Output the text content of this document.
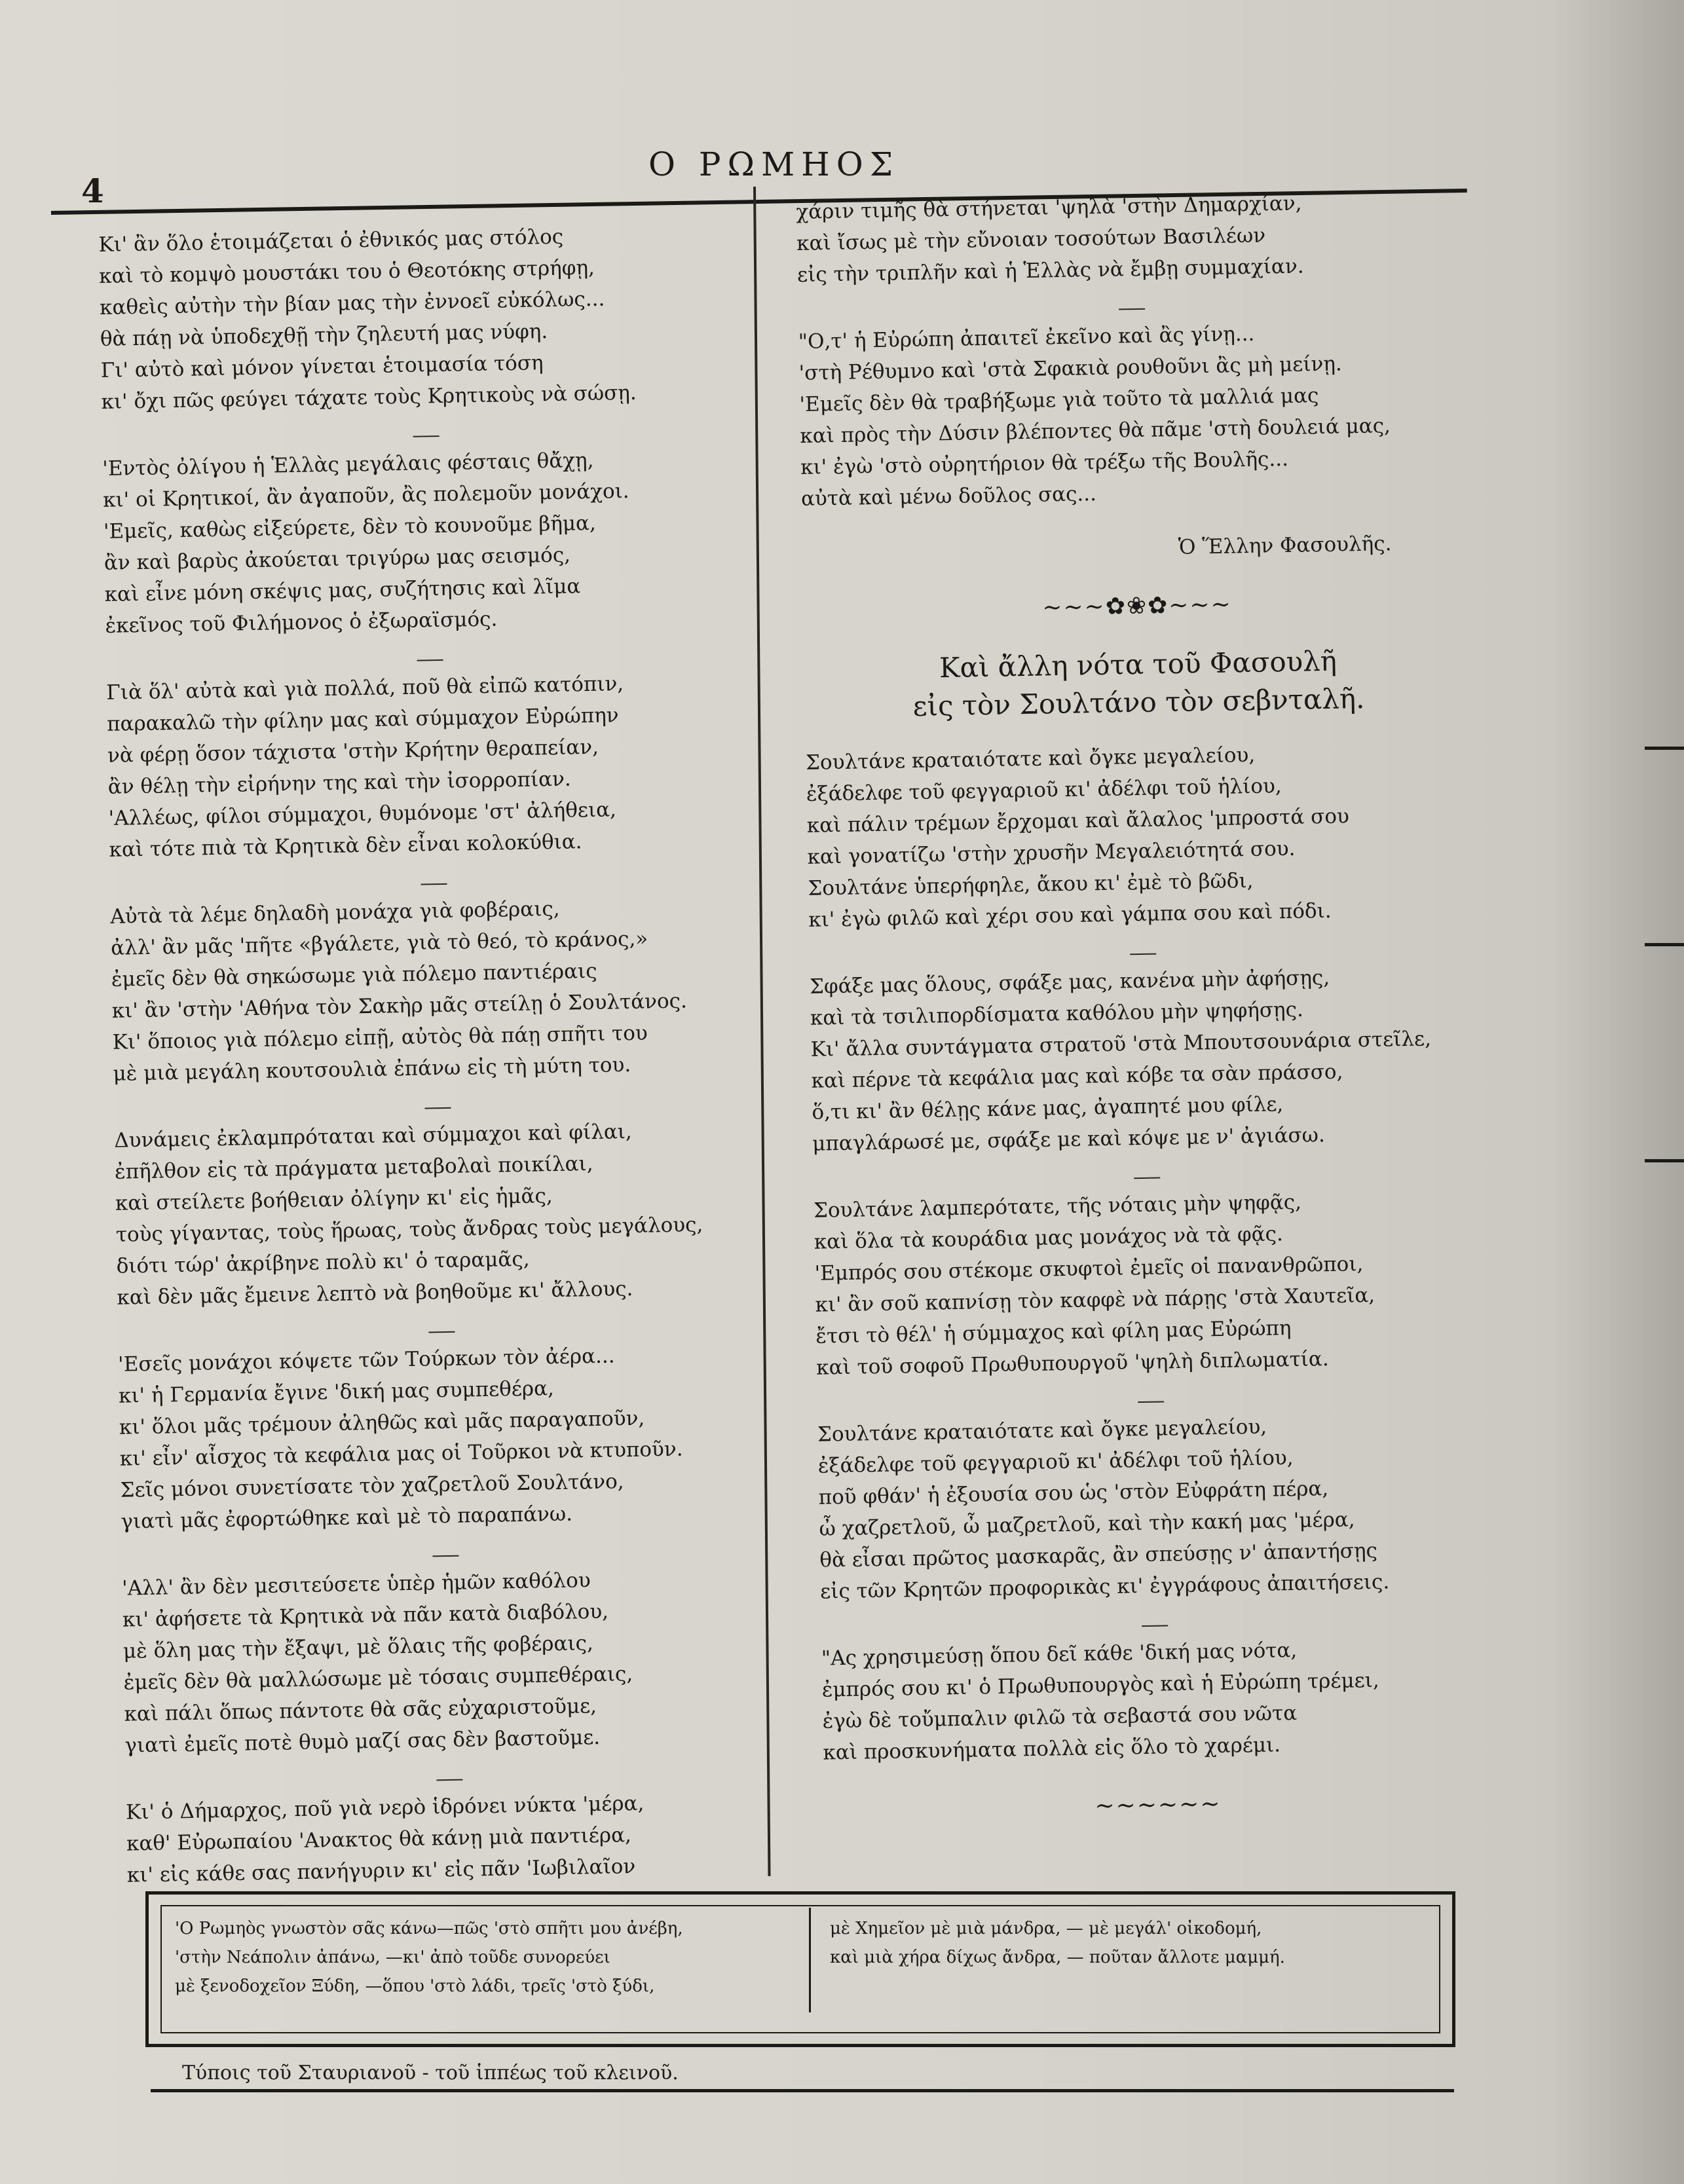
4
Ο ΡΩΜΗΟΣ
Κι' ἂν ὅλο ἑτοιμάζεται ὁ ἐθνικός μας στόλος
καὶ τὸ κομψὸ μουστάκι του ὁ Θεοτόκης στρήφῃ,
καθεὶς αὐτὴν τὴν βίαν μας τὴν ἐννοεῖ εὐκόλως...
θὰ πάῃ νὰ ὑποδεχθῇ τὴν ζηλευτή μας νύφη.
Γι' αὐτὸ καὶ μόνον γίνεται ἑτοιμασία τόση
κι' ὄχι πῶς φεύγει τάχατε τοὺς Κρητικοὺς νὰ σώσῃ.
'Εντὸς ὀλίγου ἡ Ἑλλὰς μεγάλαις φέσταις θἄχῃ,
κι' οἱ Κρητικοί, ἂν ἀγαποῦν, ἂς πολεμοῦν μονάχοι.
'Εμεῖς, καθὼς εἰξεύρετε, δὲν τὸ κουνοῦμε βῆμα,
ἂν καὶ βαρὺς ἀκούεται τριγύρω μας σεισμός,
καὶ εἶνε μόνη σκέψις μας, συζήτησις καὶ λῖμα
ἐκεῖνος τοῦ Φιλήμονος ὁ ἐξωραϊσμός.
Γιὰ ὅλ' αὐτὰ καὶ γιὰ πολλά, ποῦ θὰ εἰπῶ κατόπιν,
παρακαλῶ τὴν φίλην μας καὶ σύμμαχον Εὐρώπην
νὰ φέρῃ ὅσον τάχιστα 'στὴν Κρήτην θεραπείαν,
ἂν θέλῃ τὴν εἰρήνην της καὶ τὴν ἰσορροπίαν.
'Αλλέως, φίλοι σύμμαχοι, θυμόνομε 'στ' ἀλήθεια,
καὶ τότε πιὰ τὰ Κρητικὰ δὲν εἶναι κολοκύθια.
Αὐτὰ τὰ λέμε δηλαδὴ μονάχα γιὰ φοβέραις,
ἀλλ' ἂν μᾶς 'πῆτε «βγάλετε, γιὰ τὸ θεό, τὸ κράνος,»
ἐμεῖς δὲν θὰ σηκώσωμε γιὰ πόλεμο παντιέραις
κι' ἂν 'στὴν 'Αθήνα τὸν Σακὴρ μᾶς στείλῃ ὁ Σουλτάνος.
Κι' ὅποιος γιὰ πόλεμο εἰπῇ, αὐτὸς θὰ πάῃ σπῆτι του
μὲ μιὰ μεγάλη κουτσουλιὰ ἐπάνω εἰς τὴ μύτη του.
Δυνάμεις ἐκλαμπρόταται καὶ σύμμαχοι καὶ φίλαι,
ἐπῆλθον εἰς τὰ πράγματα μεταβολαὶ ποικίλαι,
καὶ στείλετε βοήθειαν ὀλίγην κι' εἰς ἡμᾶς,
τοὺς γίγαντας, τοὺς ἥρωας, τοὺς ἄνδρας τοὺς μεγάλους,
διότι τώρ' ἀκρίβηνε πολὺ κι' ὁ ταραμᾶς,
καὶ δὲν μᾶς ἔμεινε λεπτὸ νὰ βοηθοῦμε κι' ἄλλους.
'Εσεῖς μονάχοι κόψετε τῶν Τούρκων τὸν ἀέρα...
κι' ἡ Γερμανία ἔγινε 'δική μας συμπεθέρα,
κι' ὅλοι μᾶς τρέμουν ἀληθῶς καὶ μᾶς παραγαποῦν,
κι' εἶν' αἶσχος τὰ κεφάλια μας οἱ Τοῦρκοι νὰ κτυποῦν.
Σεῖς μόνοι συνετίσατε τὸν χαζρετλοῦ Σουλτάνο,
γιατὶ μᾶς ἐφορτώθηκε καὶ μὲ τὸ παραπάνω.
'Αλλ' ἂν δὲν μεσιτεύσετε ὑπὲρ ἡμῶν καθόλου
κι' ἀφήσετε τὰ Κρητικὰ νὰ πᾶν κατὰ διαβόλου,
μὲ ὅλη μας τὴν ἔξαψι, μὲ ὅλαις τῆς φοβέραις,
ἐμεῖς δὲν θὰ μαλλώσωμε μὲ τόσαις συμπεθέραις,
καὶ πάλι ὅπως πάντοτε θὰ σᾶς εὐχαριστοῦμε,
γιατὶ ἐμεῖς ποτὲ θυμὸ μαζί σας δὲν βαστοῦμε.
Κι' ὁ Δήμαρχος, ποῦ γιὰ νερὸ ἱδρόνει νύκτα 'μέρα,
καθ' Εὐρωπαίου 'Ανακτος θὰ κάνῃ μιὰ παντιέρα,
κι' εἰς κάθε σας πανήγυριν κι' εἰς πᾶν 'Ιωβιλαῖον
χάριν τιμῆς θὰ στήνεται 'ψηλὰ 'στὴν Δημαρχίαν,
καὶ ἴσως μὲ τὴν εὔνοιαν τοσούτων Βασιλέων
εἰς τὴν τριπλῆν καὶ ἡ Ἑλλὰς νὰ ἔμβῃ συμμαχίαν.
"Ο,τ' ἡ Εὐρώπη ἀπαιτεῖ ἐκεῖνο καὶ ἂς γίνῃ...
'στὴ Ρέθυμνο καὶ 'στὰ Σφακιὰ ρουθοῦνι ἂς μὴ μείνῃ.
'Εμεῖς δὲν θὰ τραβήξωμε γιὰ τοῦτο τὰ μαλλιά μας
καὶ πρὸς τὴν Δύσιν βλέποντες θὰ πᾶμε 'στὴ δουλειά μας,
κι' ἐγὼ 'στὸ οὐρητήριον θὰ τρέξω τῆς Βουλῆς...
αὐτὰ καὶ μένω δοῦλος σας...
Ὁ Ἕλλην Φασουλῆς.
~~~✿❀✿~~~
Καὶ ἄλλη νότα τοῦ Φασουλῆ
εἰς τὸν Σουλτάνο τὸν σεβνταλῆ.
Σουλτάνε κραταιότατε καὶ ὄγκε μεγαλείου,
ἐξάδελφε τοῦ φεγγαριοῦ κι' ἀδέλφι τοῦ ἡλίου,
καὶ πάλιν τρέμων ἔρχομαι καὶ ἄλαλος 'μπροστά σου
καὶ γονατίζω 'στὴν χρυσῆν Μεγαλειότητά σου.
Σουλτάνε ὑπερήφηλε, ἄκου κι' ἐμὲ τὸ βῶδι,
κι' ἐγὼ φιλῶ καὶ χέρι σου καὶ γάμπα σου καὶ πόδι.
Σφάξε μας ὅλους, σφάξε μας, κανένα μὴν ἀφήσῃς,
καὶ τὰ τσιλιπορδίσματα καθόλου μὴν ψηφήσῃς.
Κι' ἄλλα συντάγματα στρατοῦ 'στὰ Μπουτσουνάρια στεῖλε,
καὶ πέρνε τὰ κεφάλια μας καὶ κόβε τα σὰν πράσσο,
ὅ,τι κι' ἂν θέλῃς κάνε μας, ἀγαπητέ μου φίλε,
μπαγλάρωσέ με, σφάξε με καὶ κόψε με ν' ἀγιάσω.
Σουλτάνε λαμπερότατε, τῆς νόταις μὴν ψηφᾷς,
καὶ ὅλα τὰ κουράδια μας μονάχος νὰ τὰ φᾷς.
'Εμπρός σου στέκομε σκυφτοὶ ἐμεῖς οἱ πανανθρῶποι,
κι' ἂν σοῦ καπνίσῃ τὸν καφφὲ νὰ πάρῃς 'στὰ Χαυτεῖα,
ἔτσι τὸ θέλ' ἡ σύμμαχος καὶ φίλη μας Εὐρώπη
καὶ τοῦ σοφοῦ Πρωθυπουργοῦ 'ψηλὴ διπλωματία.
Σουλτάνε κραταιότατε καὶ ὄγκε μεγαλείου,
ἐξάδελφε τοῦ φεγγαριοῦ κι' ἀδέλφι τοῦ ἡλίου,
ποῦ φθάν' ἡ ἐξουσία σου ὡς 'στὸν Εὐφράτη πέρα,
ὦ χαζρετλοῦ, ὦ μαζρετλοῦ, καὶ τὴν κακή μας 'μέρα,
θὰ εἶσαι πρῶτος μασκαρᾶς, ἂν σπεύσῃς ν' ἀπαντήσῃς
εἰς τῶν Κρητῶν προφορικὰς κι' ἐγγράφους ἀπαιτήσεις.
"Ας χρησιμεύσῃ ὅπου δεῖ κάθε 'δική μας νότα,
ἐμπρός σου κι' ὁ Πρωθυπουργὸς καὶ ἡ Εὐρώπη τρέμει,
ἐγὼ δὲ τοὔμπαλιν φιλῶ τὰ σεβαστά σου νῶτα
καὶ προσκυνήματα πολλὰ εἰς ὅλο τὸ χαρέμι.
~~~~~~
'Ο Ρωμηὸς γνωστὸν σᾶς κάνω—πῶς 'στὸ σπῆτι μου ἀνέβη,
'στὴν Νεάπολιν ἀπάνω, —κι' ἀπὸ τοῦδε συνορεύει
μὲ ξενοδοχεῖον Ξύδη, —ὅπου 'στὸ λάδι, τρεῖς 'στὸ ξύδι,
μὲ Χημεῖον μὲ μιὰ μάνδρα, — μὲ μεγάλ' οἰκοδομή,
καὶ μιὰ χήρα δίχως ἄνδρα, — ποῦταν ἄλλοτε μαμμή.
Τύποις τοῦ Σταυριανοῦ - τοῦ ἱππέως τοῦ κλεινοῦ.
